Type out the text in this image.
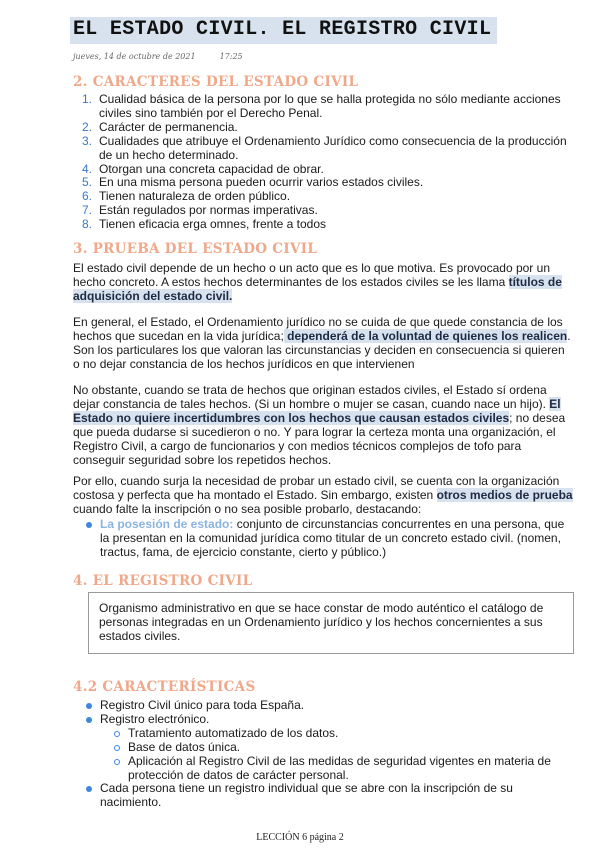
EL ESTADO CIVIL. EL REGISTRO CIVIL
jueves, 14 de octubre de 2021	17:25
2. CARACTERES DEL ESTADO CIVIL
1. Cualidad básica de la persona por lo que se halla protegida no sólo mediante acciones civiles sino también por el Derecho Penal.
2. Carácter de permanencia.
3. Cualidades que atribuye el Ordenamiento Jurídico como consecuencia de la producción de un hecho determinado.
4. Otorgan una concreta capacidad de obrar.
5. En una misma persona pueden ocurrir varios estados civiles.
6. Tienen naturaleza de orden público.
7. Están regulados por normas imperativas.
8. Tienen eficacia erga omnes, frente a todos
3. PRUEBA DEL ESTADO CIVIL

El estado civil depende de un hecho o un acto que es lo que motiva. Es provocado por un hecho concreto. A estos hechos determinantes de los estados civiles se les llama títulos de adquisición del estado civil.

En general, el Estado, el Ordenamiento jurídico no se cuida de que quede constancia de los hechos que sucedan en la vida jurídica; dependerá de la voluntad de quienes los realicen. Son los particulares los que valoran las circunstancias y deciden en consecuencia si quieren o no dejar constancia de los hechos jurídicos en que intervienen

No obstante, cuando se trata de hechos que originan estados civiles, el Estado sí ordena dejar constancia de tales hechos. (Si un hombre o mujer se casan, cuando nace un hijo). El Estado no quiere incertidumbres con los hechos que causan estados civiles; no desea que pueda dudarse si sucedieron o no. Y para lograr la certeza monta una organización, el Registro Civil, a cargo de funcionarios y con medios técnicos complejos de tofo para conseguir seguridad sobre los repetidos hechos.

Por ello, cuando surja la necesidad de probar un estado civil, se cuenta con la organización costosa y perfecta que ha montado el Estado. Sin embargo, existen otros medios de prueba cuando falte la inscripción o no sea posible probarlo, destacando:

La posesión de estado: conjunto de circunstancias concurrentes en una persona, que la presentan en la comunidad jurídica como titular de un concreto estado civil. (nomen, tractus, fama, de ejercicio constante, cierto y público.)
4. EL REGISTRO CIVIL
Organismo administrativo en que se hace constar de modo auténtico el catálogo de personas integradas en un Ordenamiento jurídico y los hechos concernientes a sus estados civiles.
4.2 CARACTERÍSTICAS
Registro Civil único para toda España.
Registro electrónico.
Tratamiento automatizado de los datos.
Base de datos única.
Aplicación al Registro Civil de las medidas de seguridad vigentes en materia de protección de datos de carácter personal.
Cada persona tiene un registro individual que se abre con la inscripción de su nacimiento.
LECCIÓN 6 página 2
